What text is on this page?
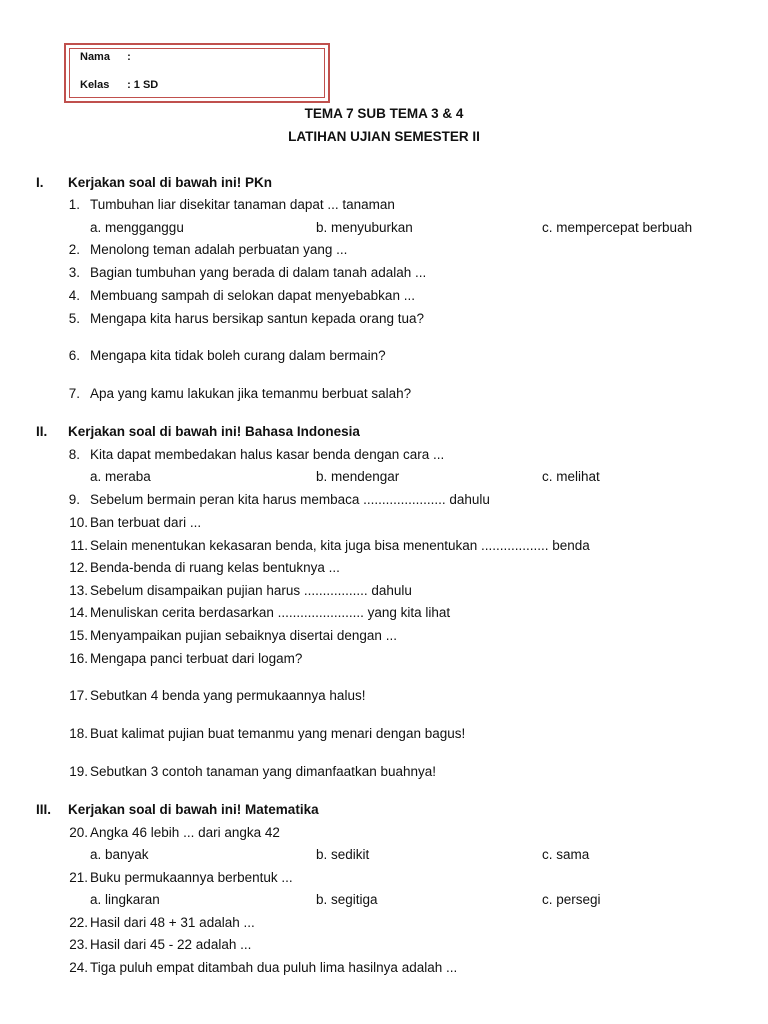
Nama :
Kelas : 1 SD
TEMA 7 SUB TEMA 3 & 4
LATIHAN UJIAN SEMESTER II
I. Kerjakan soal di bawah ini! PKn
1. Tumbuhan liar disekitar tanaman dapat ... tanaman
a. mengganggu	b. menyuburkan	c. mempercepat berbuah
2. Menolong teman adalah perbuatan yang ...
3. Bagian tumbuhan yang berada di dalam tanah adalah ...
4. Membuang sampah di selokan dapat menyebabkan ...
5. Mengapa kita harus bersikap santun kepada orang tua?
6. Mengapa kita tidak boleh curang dalam bermain?
7. Apa yang kamu lakukan jika temanmu berbuat salah?
II. Kerjakan soal di bawah ini! Bahasa Indonesia
8. Kita dapat membedakan halus kasar benda dengan cara ...
a. meraba	b. mendengar	c. melihat
9. Sebelum bermain peran kita harus membaca ...................... dahulu
10. Ban terbuat dari ...
11. Selain menentukan kekasaran benda, kita juga bisa menentukan .................. benda
12. Benda-benda di ruang kelas bentuknya ...
13. Sebelum disampaikan pujian harus ................. dahulu
14. Menuliskan cerita berdasarkan ....................... yang kita lihat
15. Menyampaikan pujian sebaiknya disertai dengan ...
16. Mengapa panci terbuat dari logam?
17. Sebutkan 4 benda yang permukaannya halus!
18. Buat kalimat pujian buat temanmu yang menari dengan bagus!
19. Sebutkan 3 contoh tanaman yang dimanfaatkan buahnya!
III. Kerjakan soal di bawah ini! Matematika
20. Angka 46 lebih ... dari angka 42
a. banyak	b. sedikit	c. sama
21. Buku permukaannya berbentuk ...
a. lingkaran	b. segitiga	c. persegi
22. Hasil dari 48 + 31 adalah ...
23. Hasil dari 45 - 22 adalah ...
24. Tiga puluh empat ditambah dua puluh lima hasilnya adalah ...
